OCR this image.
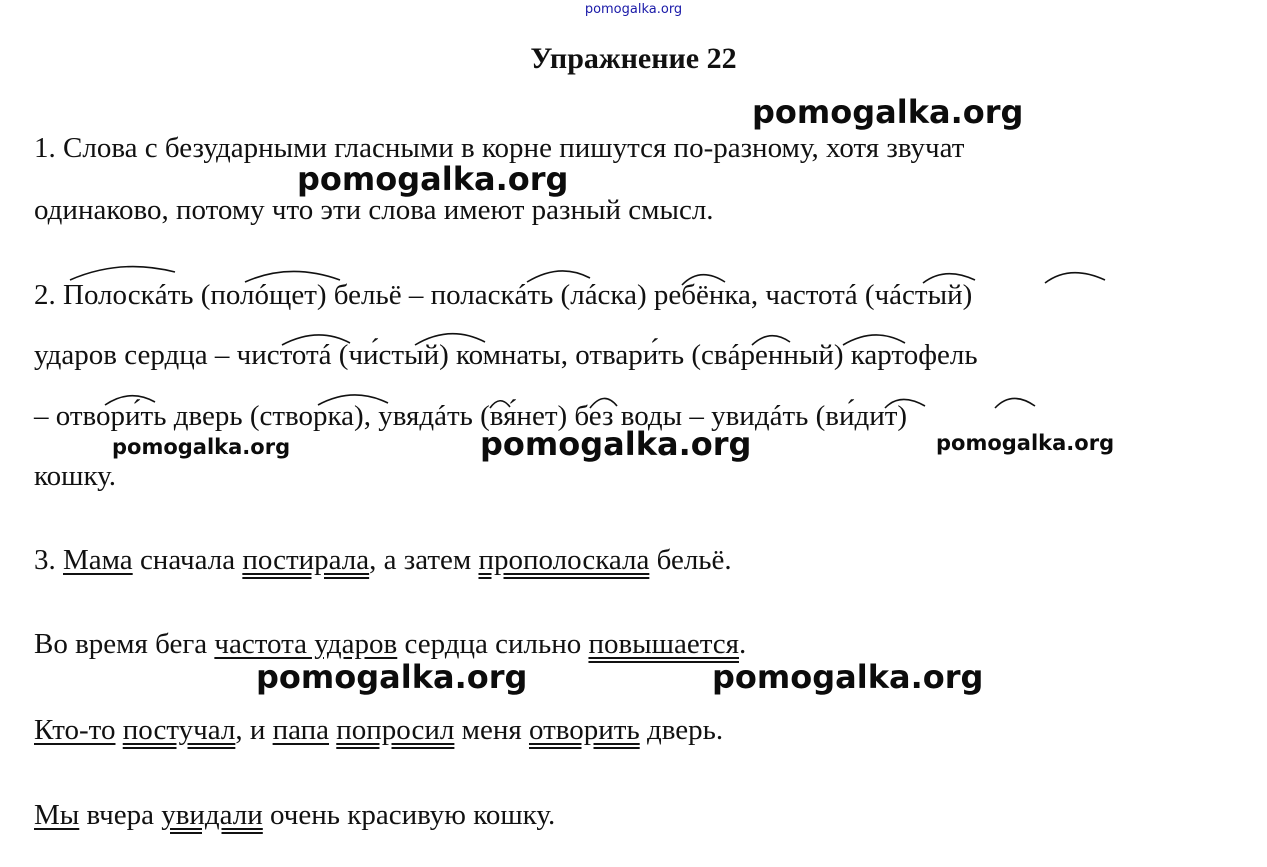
pomogalka.org
Упражнение 22
1. Слова с безударными гласными в корне пишутся по-разному, хотя звучат
одинаково, потому что эти слова имеют разный смысл.
2. Полоскáть (полóщет) бельё – поласкáть (лáска) ребёнка, частотá (чáстый)
ударов сердца – чистотá (чи́стый) комнаты, отвари́ть (свáренный) картофель
– отвори́ть дверь (створка), увядáть (вя́нет) без воды – увидáть (ви́дит)
кошку.
3. Мама сначала постирала, а затем прополоскала бельё.
Во время бега частота ударов сердца сильно повышается.
Кто-то постучал, и папа попросил меня отворить дверь.
Мы вчера увидали очень красивую кошку.
pomogalka.org
pomogalka.org
pomogalka.org	pomogalka.org	pomogalka.org
pomogalka.org	pomogalka.org
